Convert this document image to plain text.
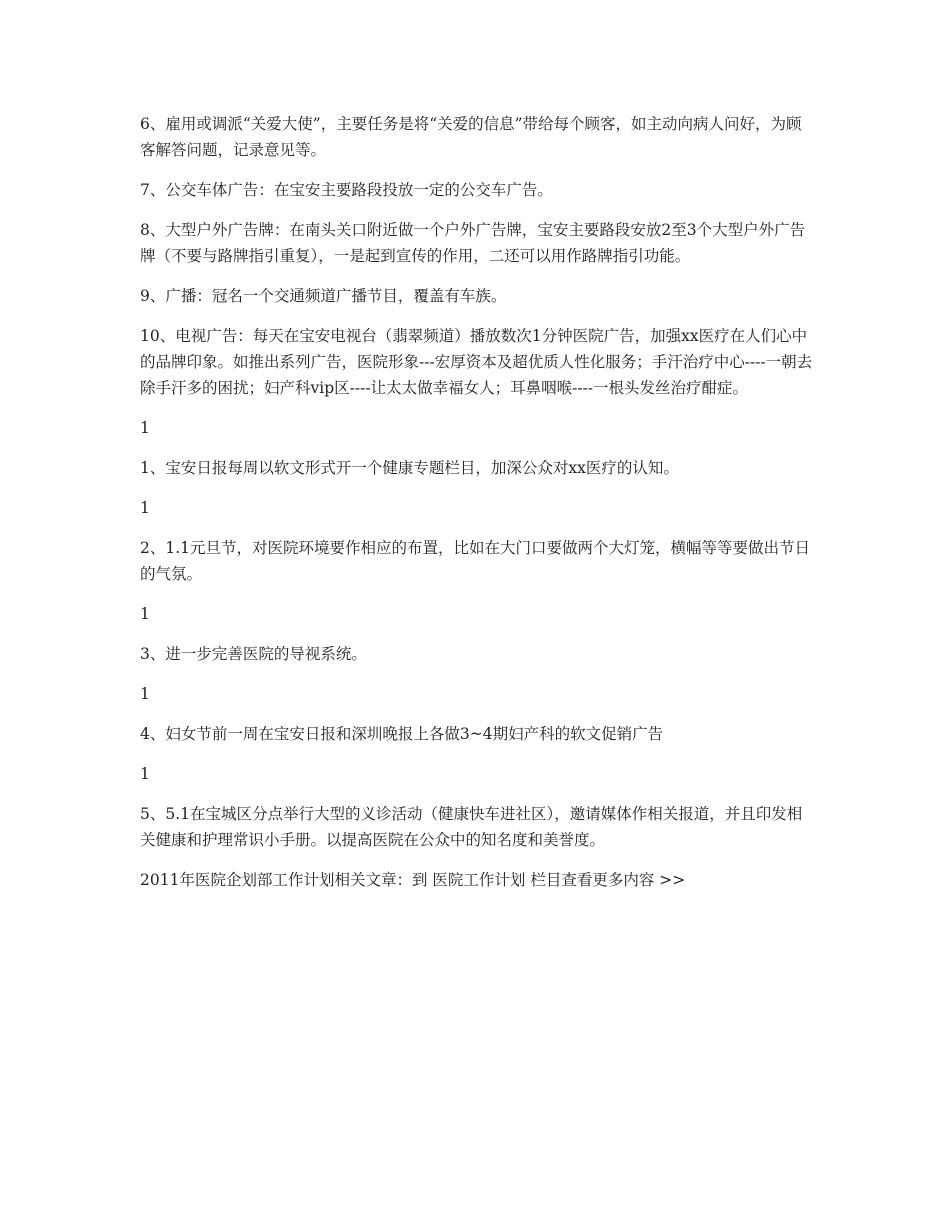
6、雇用或调派“关爱大使”，主要任务是将“关爱的信息”带给每个顾客，如主动向病人问好，为顾客解答问题，记录意见等。

7、公交车体广告：在宝安主要路段投放一定的公交车广告。

8、大型户外广告牌：在南头关口附近做一个户外广告牌，宝安主要路段安放2至3个大型户外广告牌（不要与路牌指引重复），一是起到宣传的作用，二还可以用作路牌指引功能。

9、广播：冠名一个交通频道广播节目，覆盖有车族。

10、电视广告：每天在宝安电视台（翡翠频道）播放数次1分钟医院广告，加强xx医疗在人们心中的品牌印象。如推出系列广告，医院形象---宏厚资本及超优质人性化服务；手汗治疗中心----一朝去除手汗多的困扰；妇产科vip区----让太太做幸福女人；耳鼻咽喉----一根头发丝治疗酣症。

1

1、宝安日报每周以软文形式开一个健康专题栏目，加深公众对xx医疗的认知。

1

2、1.1元旦节，对医院环境要作相应的布置，比如在大门口要做两个大灯笼，横幅等等要做出节日的气氛。

1

3、进一步完善医院的导视系统。

1

4、妇女节前一周在宝安日报和深圳晚报上各做3~4期妇产科的软文促销广告

1

5、5.1在宝城区分点举行大型的义诊活动（健康快车进社区），邀请媒体作相关报道，并且印发相关健康和护理常识小手册。以提高医院在公众中的知名度和美誉度。

2011年医院企划部工作计划相关文章：到 医院工作计划 栏目查看更多内容 >>
